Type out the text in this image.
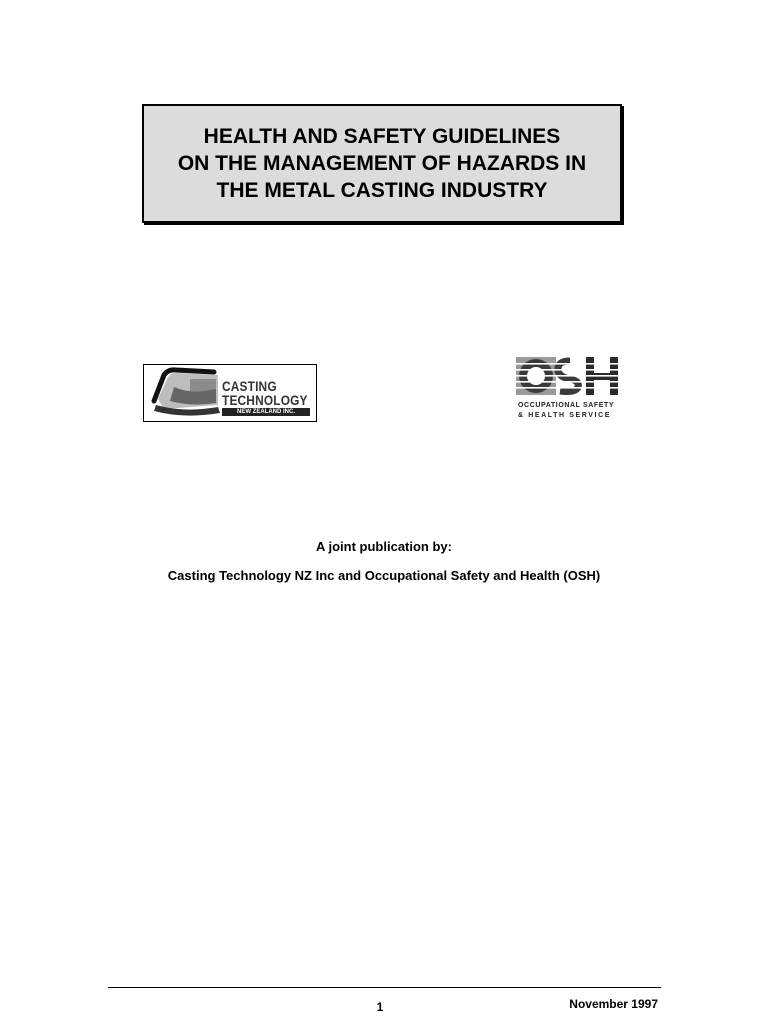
HEALTH AND SAFETY GUIDELINES
ON THE MANAGEMENT OF HAZARDS IN
THE METAL CASTING INDUSTRY
CASTING
TECHNOLOGY
NEW ZEALAND INC.
OCCUPATIONAL SAFETY
& HEALTH SERVICE
A joint publication by:
Casting Technology NZ Inc and Occupational Safety and Health (OSH)
1	November 1997
